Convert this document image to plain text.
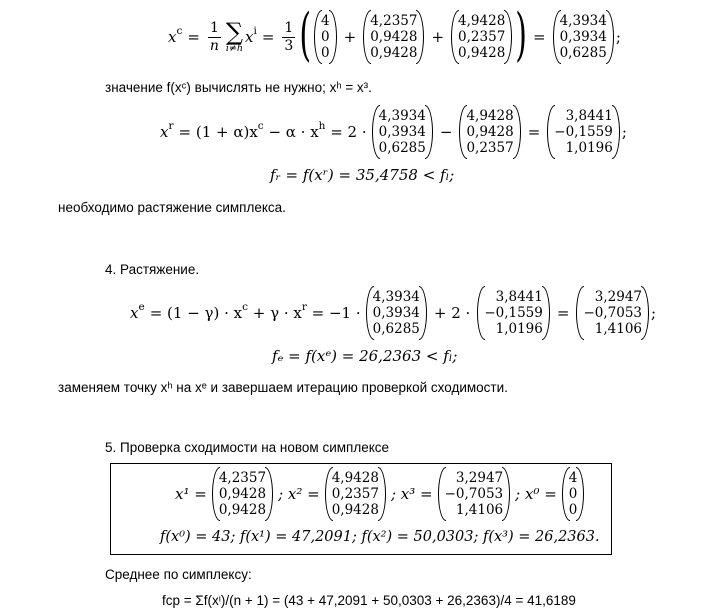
$x^c = \frac{1}{n}$ ∑
i≠h
$x^i = \frac{1}{3}$ ( 4
0
0
+
4,2357
0,9428
0,9428
+
4,9428
0,2357
0,9428 ) =
4,3934
0,3934
0,6285
;
значение f(xᶜ) вычислять не нужно; xʰ = x³.
$x^r = (1 + \alpha)x^c - \alpha \cdot x^h = 2$ ·
4,3934
0,3934
0,6285
−
4,9428
0,9428
0,2357
=
3,8441
−0,1559
1,0196
;
fᵣ = f(xʳ) = 35,4758 < fₗ;
необходимо растяжение симплекса.
4. Растяжение.
$x^e = (1 - \gamma) \cdot x^c + \gamma \cdot x^r = -1$ ·
4,3934
0,3934
0,6285
+ 2 ·
3,8441
−0,1559
1,0196
=
3,2947
−0,7053
1,4106
;
fₑ = f(xᵉ) = 26,2363 < fₗ;
заменяем точку xʰ на xᵉ и завершаем итерацию проверкой сходимости.
5. Проверка сходимости на новом симплексе
x¹ =
4,2357
0,9428
0,9428
; x² =
4,9428
0,2357
0,9428
; x³ =
3,2947
−0,7053
1,4106
; x⁰ =
4
0
0
f(x⁰) = 43; f(x¹) = 47,2091; f(x²) = 50,0303; f(x³) = 26,2363.
Среднее по симплексу:
fср = Σf(xᶦ)/(n + 1) = (43 + 47,2091 + 50,0303 + 26,2363)/4 = 41,6189
